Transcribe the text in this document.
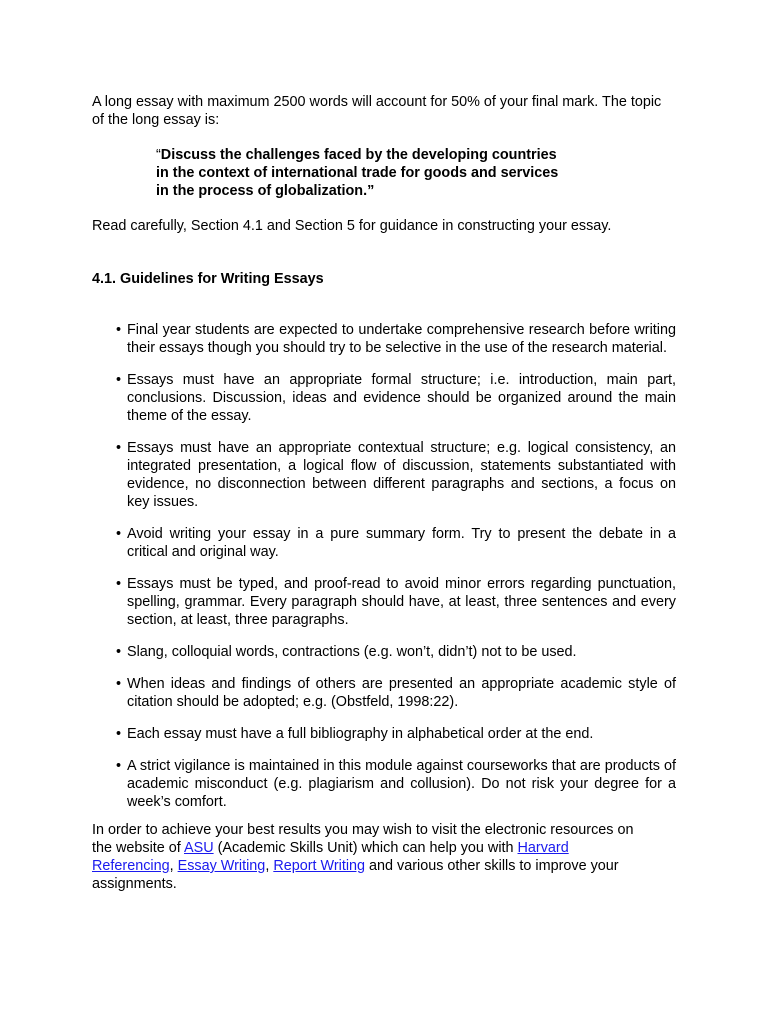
A long essay with maximum 2500 words will account for 50% of your final mark. The topic of the long essay is:

“Discuss the challenges faced by the developing countries
in the context of international trade for goods and services
in the process of globalization.”

Read carefully, Section 4.1 and Section 5 for guidance in constructing your essay.

4.1. Guidelines for Writing Essays

• Final year students are expected to undertake comprehensive research before writing their essays though you should try to be selective in the use of the research material.
• Essays must have an appropriate formal structure; i.e. introduction, main part, conclusions. Discussion, ideas and evidence should be organized around the main theme of the essay.
• Essays must have an appropriate contextual structure; e.g. logical consistency, an integrated presentation, a logical flow of discussion, statements substantiated with evidence, no disconnection between different paragraphs and sections, a focus on key issues.
• Avoid writing your essay in a pure summary form. Try to present the debate in a critical and original way.
• Essays must be typed, and proof-read to avoid minor errors regarding punctuation, spelling, grammar. Every paragraph should have, at least, three sentences and every section, at least, three paragraphs.
• Slang, colloquial words, contractions (e.g. won’t, didn’t) not to be used.
• When ideas and findings of others are presented an appropriate academic style of citation should be adopted; e.g. (Obstfeld, 1998:22).
• Each essay must have a full bibliography in alphabetical order at the end.
• A strict vigilance is maintained in this module against courseworks that are products of academic misconduct (e.g. plagiarism and collusion). Do not risk your degree for a week’s comfort.

In order to achieve your best results you may wish to visit the electronic resources on the website of ASU (Academic Skills Unit) which can help you with Harvard Referencing, Essay Writing, Report Writing and various other skills to improve your assignments.
